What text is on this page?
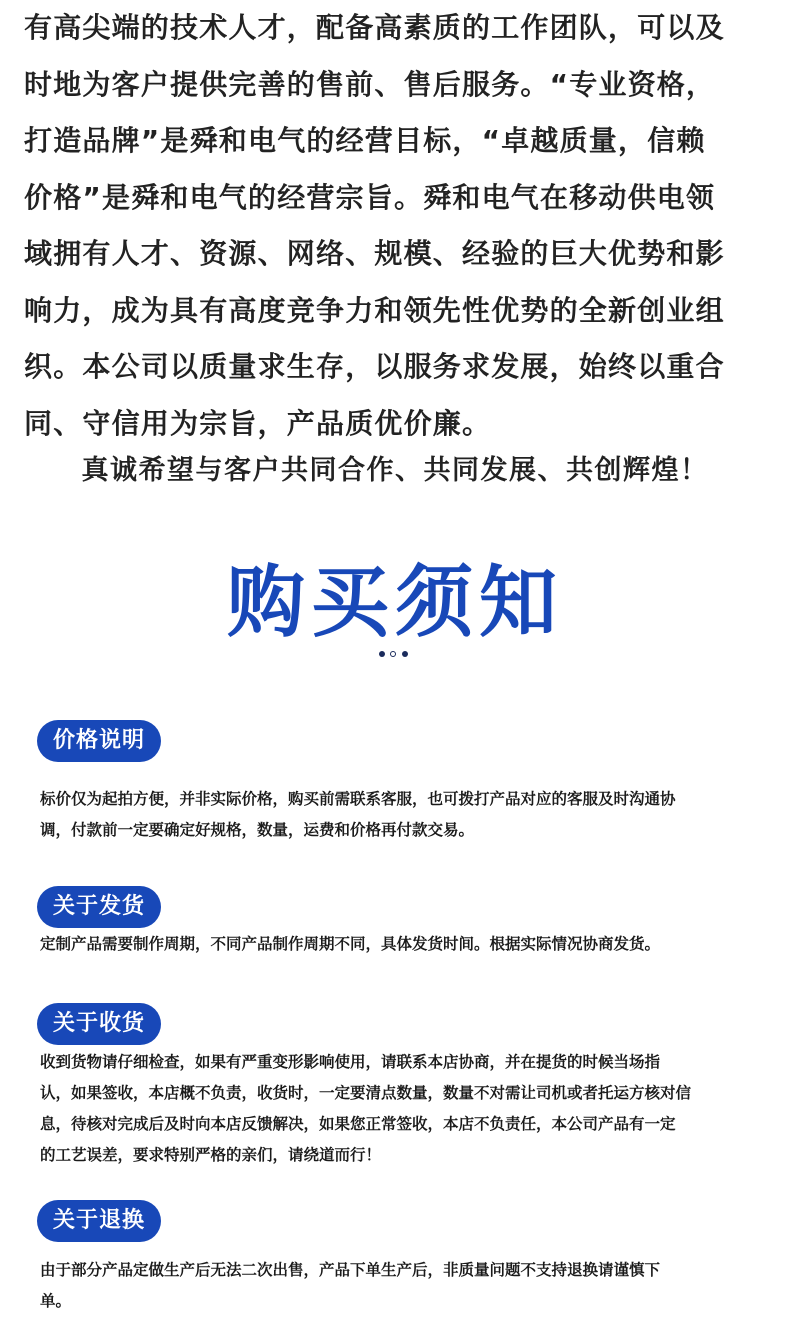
有高尖端的技术人才，配备高素质的工作团队，可以及

时地为客户提供完善的售前、售后服务。“专业资格，

打造品牌”是舜和电气的经营目标，“卓越质量，信赖

价格”是舜和电气的经营宗旨。舜和电气在移动供电领

域拥有人才、资源、网络、规模、经验的巨大优势和影

响力，成为具有高度竞争力和领先性优势的全新创业组

织。本公司以质量求生存，以服务求发展，始终以重合

同、守信用为宗旨，产品质优价廉。

真诚希望与客户共同合作、共同发展、共创辉煌！
购买须知
价格说明

标价仅为起拍方便，并非实际价格，购买前需联系客服，也可拨打产品对应的客服及时沟通协

调，付款前一定要确定好规格，数量，运费和价格再付款交易。

关于发货

定制产品需要制作周期，不同产品制作周期不同，具体发货时间。根据实际情况协商发货。

关于收货

收到货物请仔细检查，如果有严重变形影响使用，请联系本店协商，并在提货的时候当场指

认，如果签收，本店概不负责，收货时，一定要清点数量，数量不对需让司机或者托运方核对信

息，待核对完成后及时向本店反馈解决，如果您正常签收，本店不负责任，本公司产品有一定

的工艺误差，要求特别严格的亲们，请绕道而行！

关于退换

由于部分产品定做生产后无法二次出售，产品下单生产后，非质量问题不支持退换请谨慎下

单。
